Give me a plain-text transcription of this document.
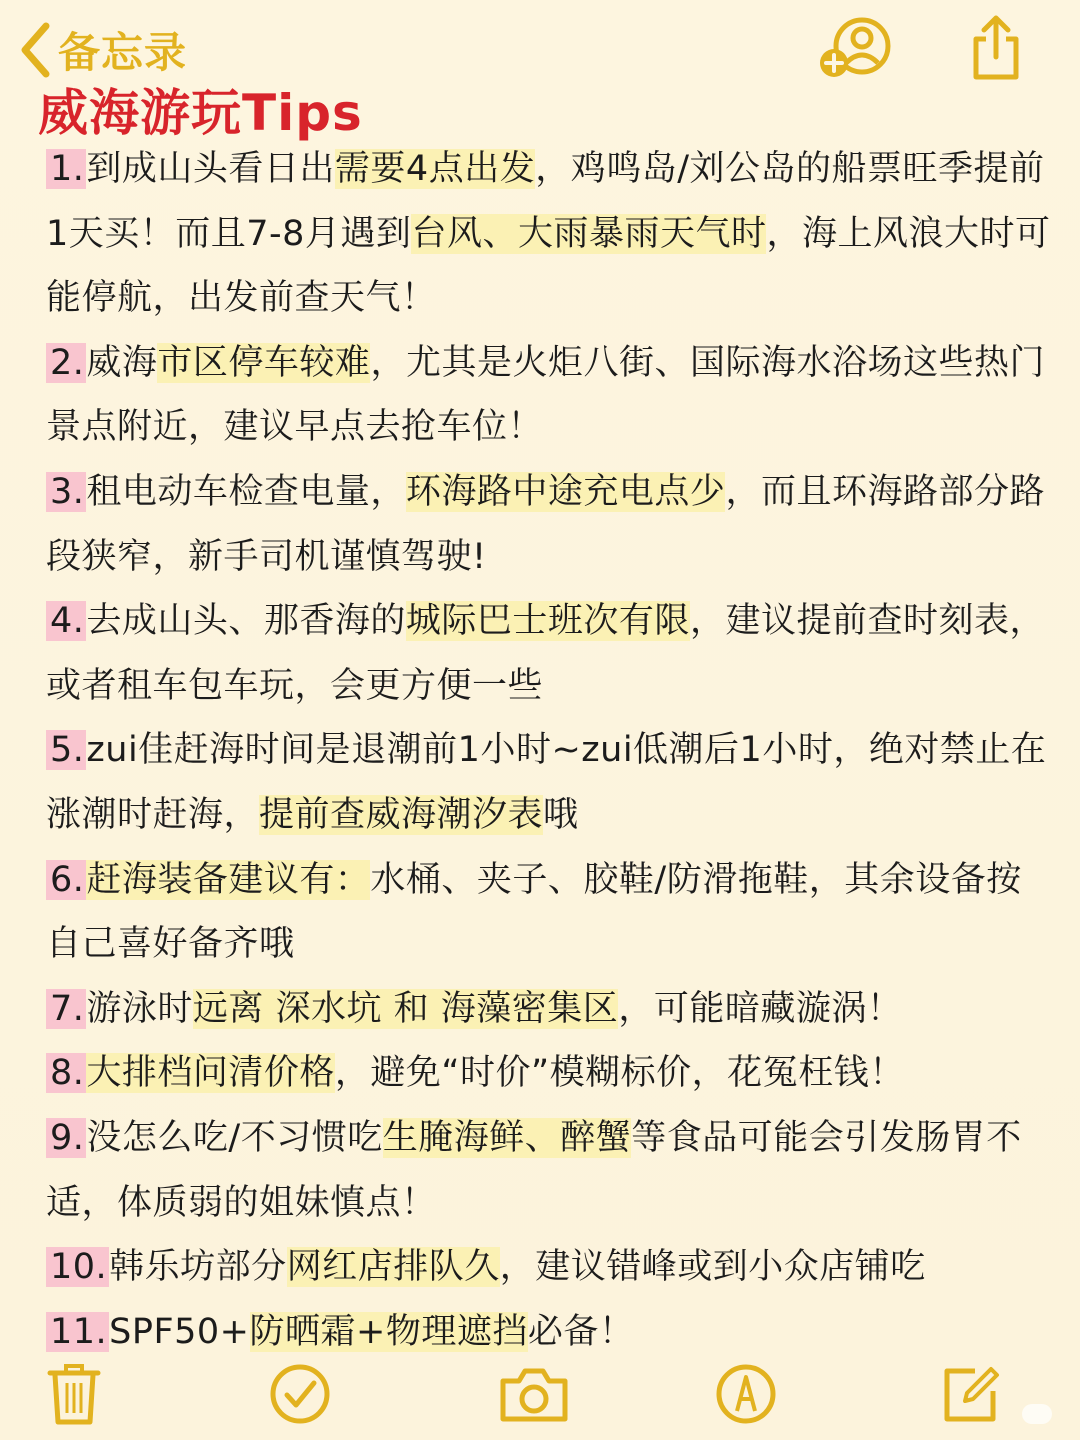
备忘录
威海游玩Tips

1.到成山头看日出需要4点出发，鸡鸣岛/刘公岛的船票旺季提前1天买！而且7-8月遇到台风、大雨暴雨天气时，海上风浪大时可能停航，出发前查天气！

2.威海市区停车较难，尤其是火炬八街、国际海水浴场这些热门景点附近，建议早点去抢车位！

3.租电动车检查电量，环海路中途充电点少，而且环海路部分路段狭窄，新手司机谨慎驾驶!

4.去成山头、那香海的城际巴士班次有限，建议提前查时刻表，或者租车包车玩，会更方便一些

5.zui佳赶海时间是退潮前1小时~zui低潮后1小时，绝对禁止在涨潮时赶海，提前查威海潮汐表哦

6.赶海装备建议有：水桶、夹子、胶鞋/防滑拖鞋，其余设备按自己喜好备齐哦

7.游泳时远离 深水坑 和 海藻密集区，可能暗藏漩涡！

8.大排档问清价格，避免“时价”模糊标价，花冤枉钱！

9.没怎么吃/不习惯吃生腌海鲜、醉蟹等食品可能会引发肠胃不适，体质弱的姐妹慎点！

10.韩乐坊部分网红店排队久，建议错峰或到小众店铺吃

11.SPF50+防晒霜+物理遮挡必备！
